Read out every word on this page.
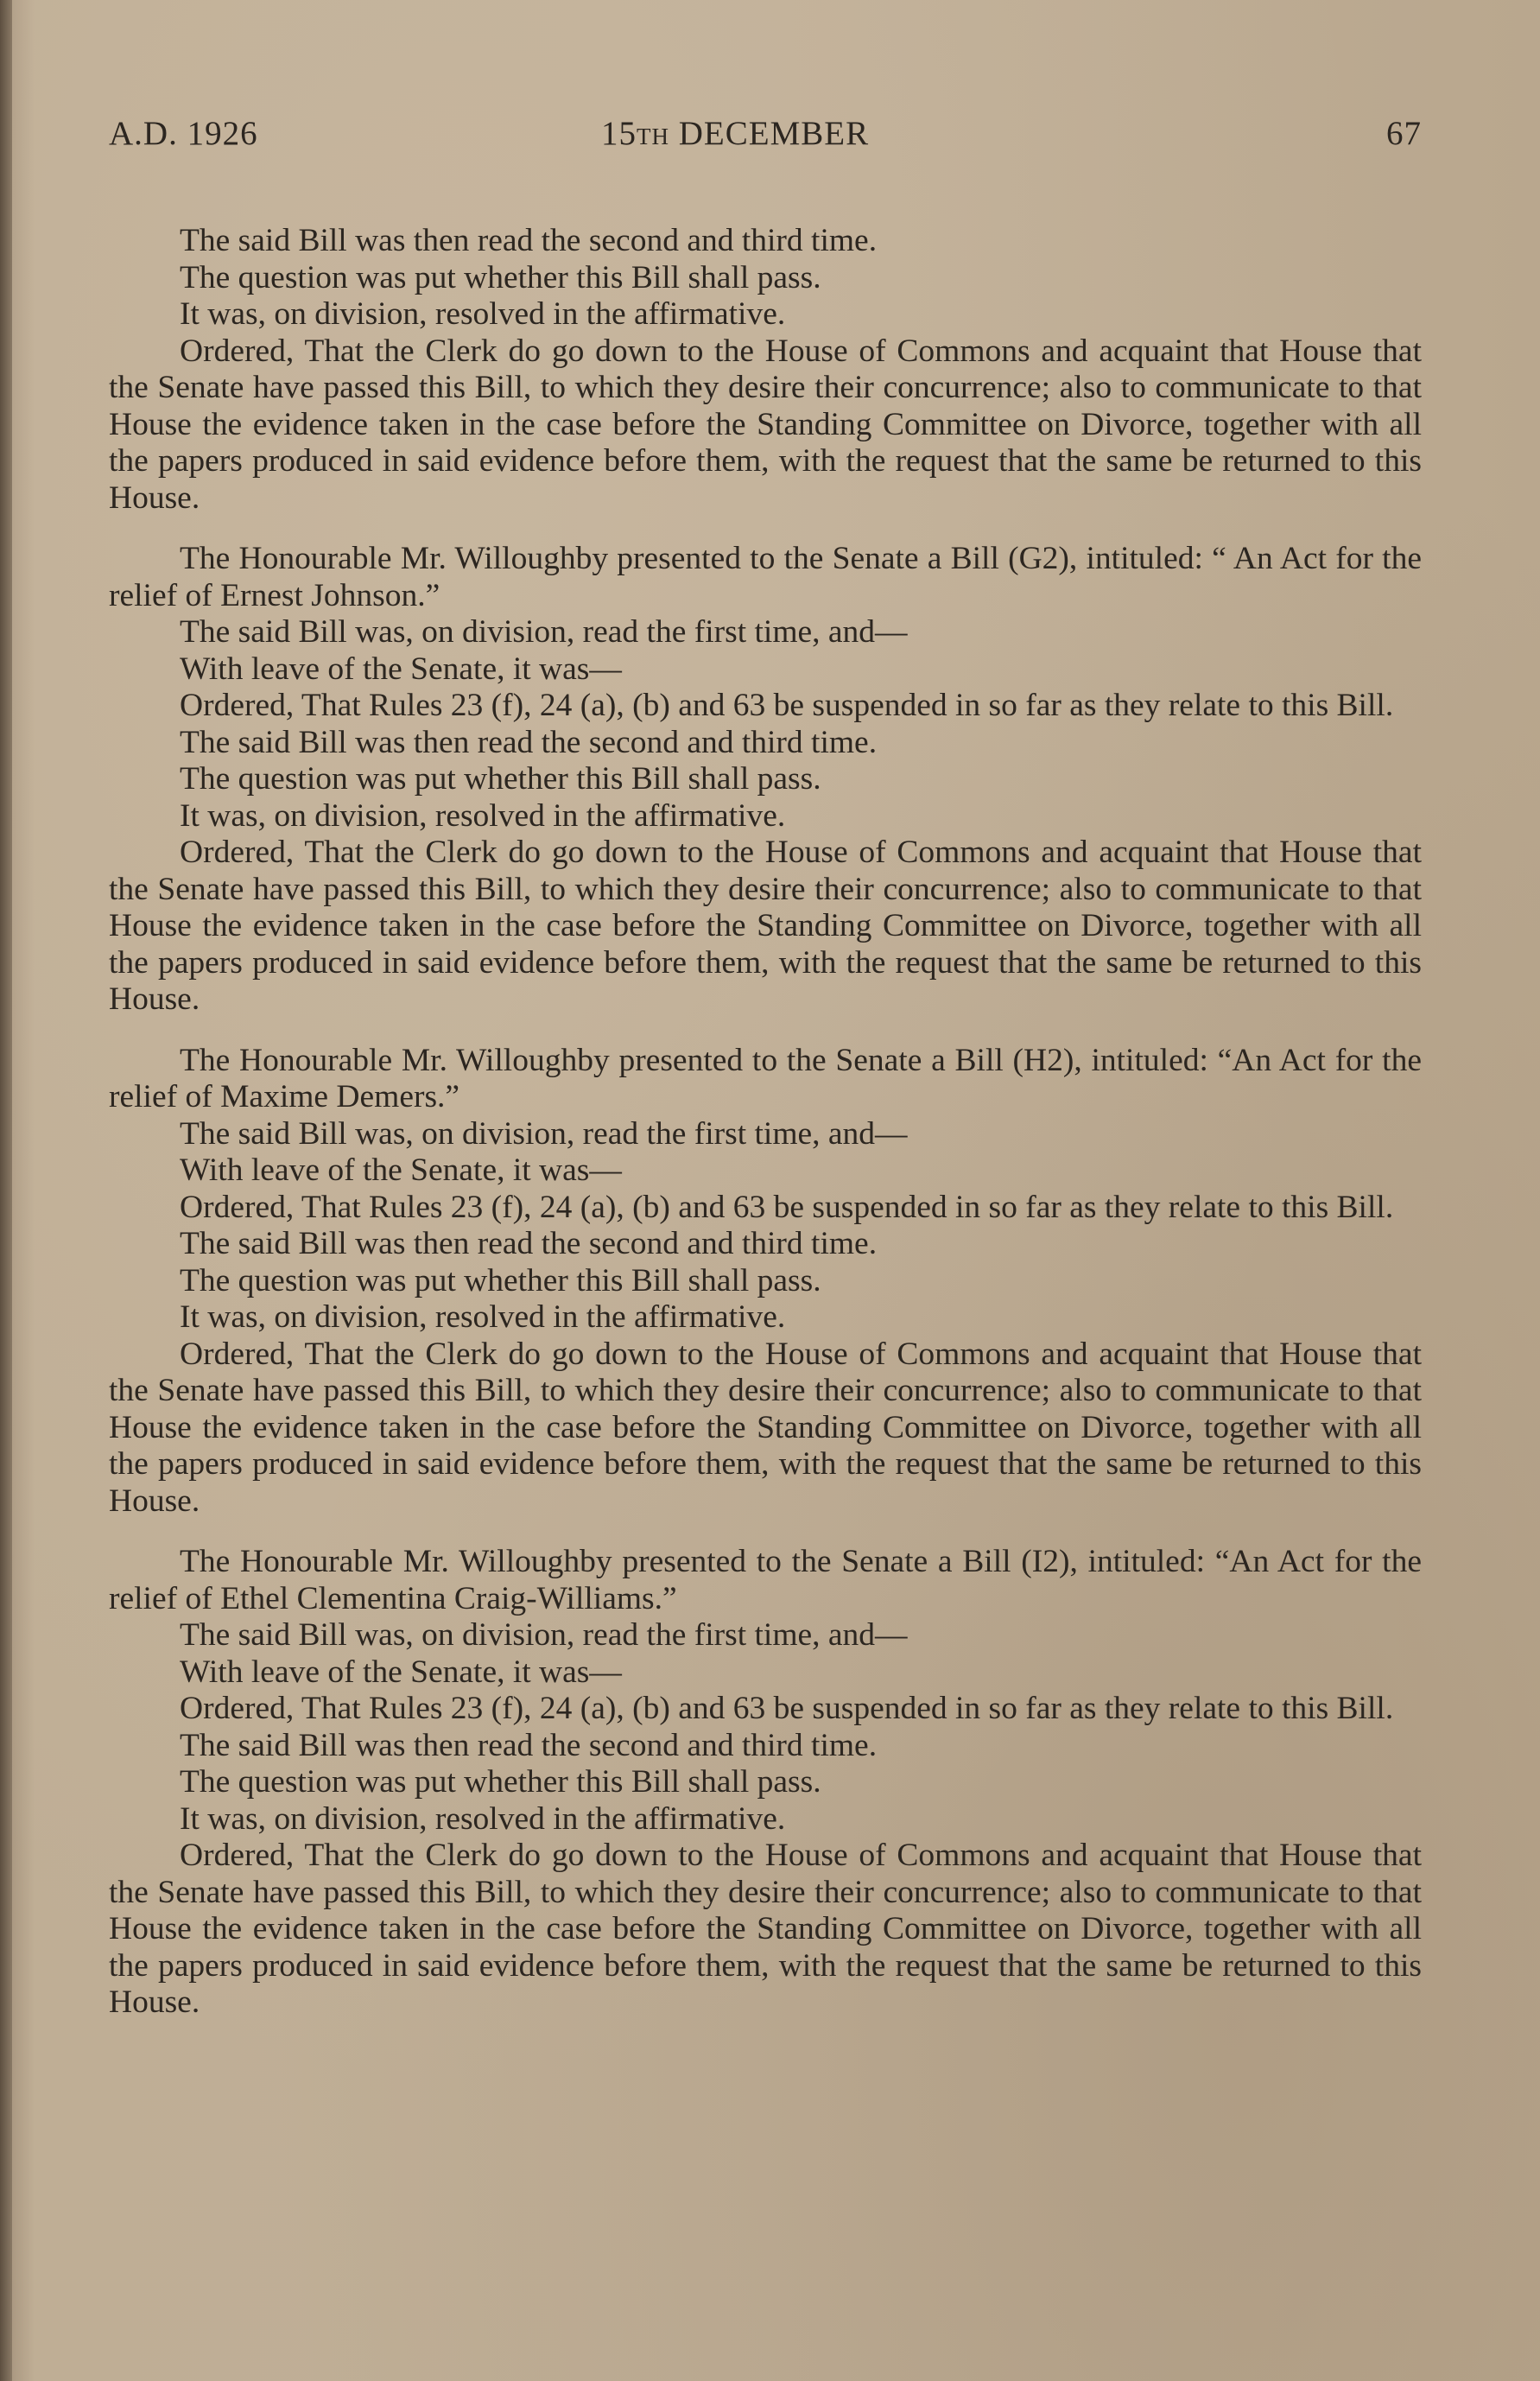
A.D. 1926	15th DECEMBER	67

The said Bill was then read the second and third time.

The question was put whether this Bill shall pass.

It was, on division, resolved in the affirmative.

Ordered, That the Clerk do go down to the House of Commons and acquaint that House that the Senate have passed this Bill, to which they desire their concurrence; also to communicate to that House the evidence taken in the case before the Standing Committee on Divorce, together with all the papers produced in said evidence before them, with the request that the same be returned to this House.

The Honourable Mr. Willoughby presented to the Senate a Bill (G2), intituled: “ An Act for the relief of Ernest Johnson.”

The said Bill was, on division, read the first time, and—

With leave of the Senate, it was—

Ordered, That Rules 23 (f), 24 (a), (b) and 63 be suspended in so far as they relate to this Bill.

The said Bill was then read the second and third time.

The question was put whether this Bill shall pass.

It was, on division, resolved in the affirmative.

Ordered, That the Clerk do go down to the House of Commons and acquaint that House that the Senate have passed this Bill, to which they desire their concurrence; also to communicate to that House the evidence taken in the case before the Standing Committee on Divorce, together with all the papers produced in said evidence before them, with the request that the same be returned to this House.

The Honourable Mr. Willoughby presented to the Senate a Bill (H2), intituled: “An Act for the relief of Maxime Demers.”

The said Bill was, on division, read the first time, and—

With leave of the Senate, it was—

Ordered, That Rules 23 (f), 24 (a), (b) and 63 be suspended in so far as they relate to this Bill.

The said Bill was then read the second and third time.

The question was put whether this Bill shall pass.

It was, on division, resolved in the affirmative.

Ordered, That the Clerk do go down to the House of Commons and acquaint that House that the Senate have passed this Bill, to which they desire their concurrence; also to communicate to that House the evidence taken in the case before the Standing Committee on Divorce, together with all the papers produced in said evidence before them, with the request that the same be returned to this House.

The Honourable Mr. Willoughby presented to the Senate a Bill (I2), intituled: “An Act for the relief of Ethel Clementina Craig-Williams.”

The said Bill was, on division, read the first time, and—

With leave of the Senate, it was—

Ordered, That Rules 23 (f), 24 (a), (b) and 63 be suspended in so far as they relate to this Bill.

The said Bill was then read the second and third time.

The question was put whether this Bill shall pass.

It was, on division, resolved in the affirmative.

Ordered, That the Clerk do go down to the House of Commons and acquaint that House that the Senate have passed this Bill, to which they desire their concurrence; also to communicate to that House the evidence taken in the case before the Standing Committee on Divorce, together with all the papers produced in said evidence before them, with the request that the same be returned to this House.
